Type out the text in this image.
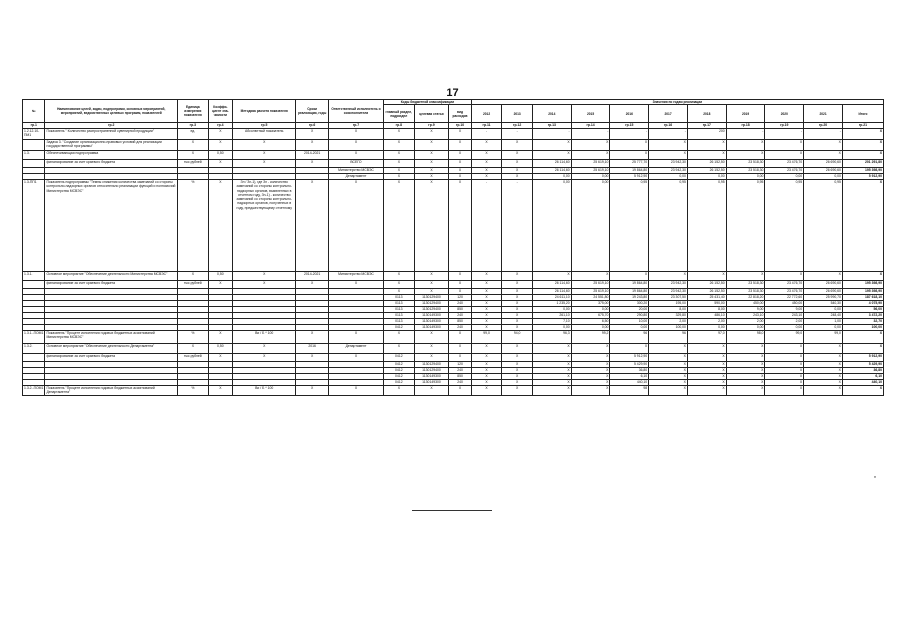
17
№	Наименование целей, задач, подпрограмм, основных мероприятий, мероприятий, ведомственных целевых программ, показателей	Единица измерения показателя	Коэффи-циент зна-чимости	Методика расчета показателя	Сроки реализации, годы	Ответственный исполнитель и соисполнители	Коды бюджетной классификации			Значения по годам реализации										
							главный раздел, подраздел	целевая статья	вид расходов	2012	2013	2014	2015	2016	2017	2018	2019	2020	2021	Итого
гр.1	гр.2	гр.3	гр.4	гр.5	гр.6	гр.7	гр.8	гр.9	гр.10	гр.11	гр.12	гр.13	гр.14	гр.15	гр.16	гр.17	гр.18	гр.19	гр.20	гр.21
1.2.12.10-ПМ1	Показатель " Количество распространенной сувенирной продукции"	ед.	X	Абсолютный показатель	X	X	X	X	X	-	-	-	-	-	-	200	-	-	-	X
	Задача 3. "Создание организационно-правовых условий для реализации государственной программы"	X	X	X	X	X	X	X	X	X	X	X	X	X	X	X	X	X	X	X
1.3.	Обеспечивающая подпрограмма	X	0,50	X	2014-2021	X	X	X	X	X	X	X	X	X	X	X	X	X	X	X
	финансирование за счет краевого бюджета	тыс.рублей	X	X	X	ВСЕГО	X	X	X	X	X	26 114,60	25 619,10	25 777,70	23 942,30	26 152,50	23 518,30	23 476,70	26 690,60	201 291,80
						Министерство МСВЭС	X	X	X	X	X	26 114,60	25 619,10	19 864,80	23 942,30	26 152,50	23 518,30	23 476,70	26 690,60	195 398,90
						Департамент	X	X	X	X	X	0,00	0,00	5 912,90	0,00	0,00	0,00	0,00	0,00	5 912,90
1.3-ПП1	Показатель подпрограммы "Темпы снижения количества замечаний со стороны контрольно-надзорных органов относительно реализации функций и полномочий Министерства МСВЭС"	%	X	Зн / Зn-1), где Зn - количество замечаний со стороны контрольно-надзорных органов, выявленных в отчетном году, Зn-1) - количество замечаний со стороны контрольно-надзорных органов, полученных в году, предшествующему отчетному	X	X	X	X	X	-	-	0,00	0,00	0,95	0,95	0,95	0,95	0,95	0,95	X
1.3.1.	Основное мероприятие "Обеспечение деятельности Министерства МСВЭС"	X	0,50	X	2014-2021	Министерство МСВЭС	X	X	X	X	X	X	X	X	X	X	X	X	X	X
	финансирование за счет краевого бюджета	тыс.рублей	X	X	X	X	X	X	X	X	X	26 114,60	25 619,10	19 864,80	23 942,30	26 152,50	23 518,30	23 476,70	26 690,60	195 398,90
							X	X	X	X	X	26 114,60	25 619,10	19 864,80	23 942,30	26 152,50	23 518,30	23 476,70	26 690,60	195 398,90
							0113	1130129400	120	X	X	24 611,10	24 551,80	19 243,80	23 307,50	25 431,40	22 818,20	22 772,60	25 990,70	187 618,10
							0113	1130129400	240	X	X	1 235,20	375,00	300,20	195,00	590,00	450,00	450,00	540,30	4 075,90
							0113	1130129400	850	X	X	0,00	0,00	20,00	8,00	8,00	9,00	9,00	0,00	56,00
							0113	1130149300	240	X	X	261,10	675,70	290,80	329,80	486,10	243,10	243,10	248,40	3 472,20
							0113	1130149300	850	X	X	7,10	6,50	10,00	2,00	2,00	2,00	2,00	1,00	32,70
							0412	1130149300	240	X	X	0,00	0,00	0,00	100,00	0,00	0,00	0,00	0,00	100,00
1.3.1.-ПОМ1	Показатель "Процент исполнения годовых бюджетных ассигнований Министерства МСВЭС"	%	X	Ви / Б * 100	X	X	X	X	X	99,0	94,0	96,3	99,2	96	96	97,0	98,0	99,0	99,0	X
1.3.2.	Основное мероприятие "Обеспечение деятельности Департамента"	X	0,50	X	2016	Департамент	X	X	X	X	X	X	X	X	X	X	X	X	X	X
	финансирование за счет краевого бюджета	тыс.рублей	X	X	X	X	0412	X	X	X	X	X	X	5 912,90	X	X	X	X	X	5 912,90
							0412	1130129400	120	X	X	X	X	5 429,90	X	X	X	X	X	5 429,90
							0412	1130129400	240	X	X	X	X	36,80	X	X	X	X	X	36,80
							0412	1130149300	850	X	X	X	X	6,10	X	X	X	X	X	6,10
							0412	1130149300	240	X	X	X	X	440,10	X	X	X	X	X	440,10
1.3.2.-ПОМ1	Показатель "Процент исполнения годовых бюджетных ассигнований Департамента"	%	X	Ви / Б * 100	X	X	X	X	X	X	X	X	X	98	X	X	X	X	X	X
*
